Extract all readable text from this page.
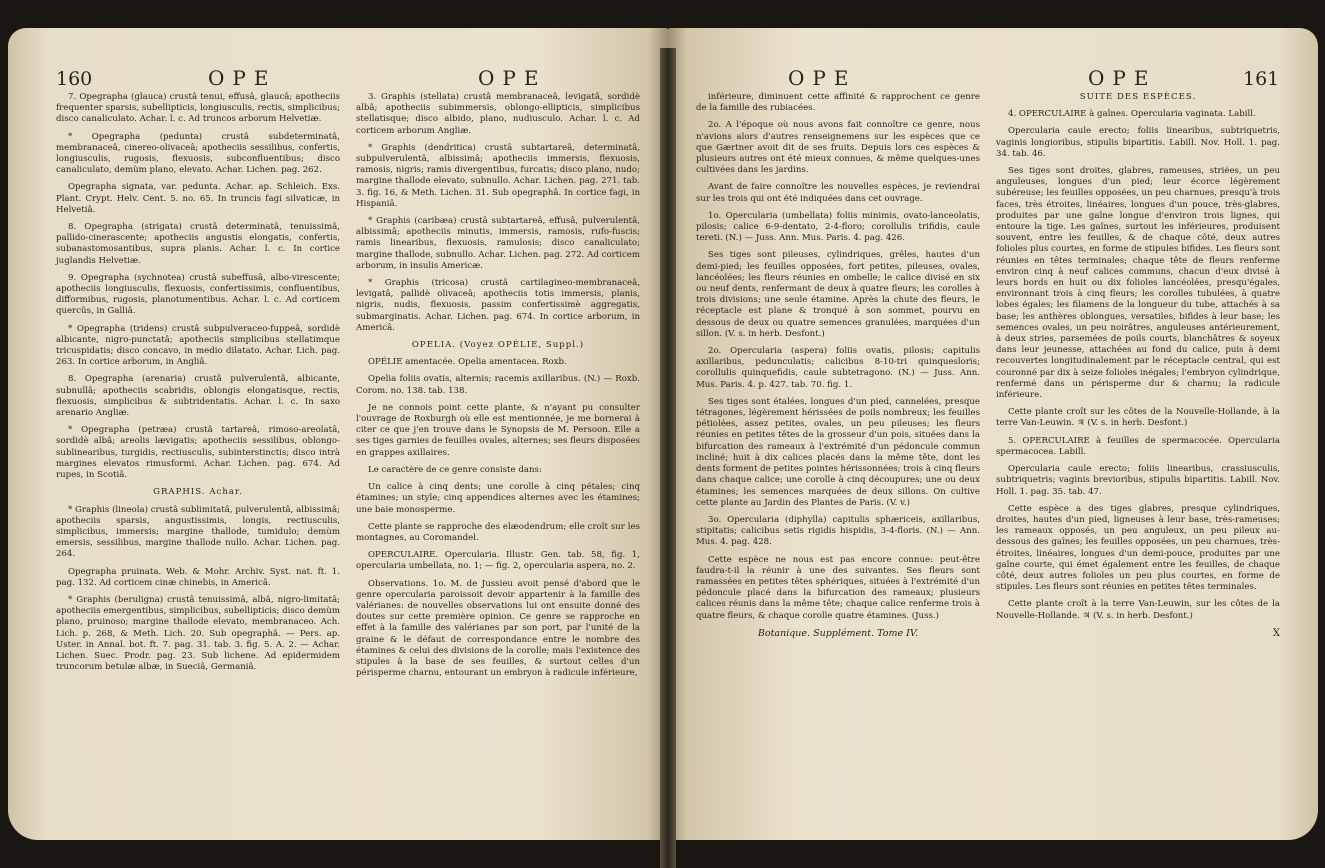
160	OPE	OPE

7. Opegrapha (glauca) crustâ tenui, effusâ, glaucâ; apotheciis frequenter sparsis, subellipticis, longiusculis, rectis, simplicibus; disco canaliculato. Achar. l. c. Ad truncos arborum Helvetiæ.

* Opegrapha (pedunta) crustâ subdeterminatâ, membranaceâ, cinereo-olivaceâ; apotheciis sessilibus, confertis, longiusculis, rugosis, flexuosis, subconfluentibus; disco canaliculato, demùm plano, elevato. Achar. Lichen. pag. 262.

Opegrapha signata, var. pedunta. Achar. ap. Schleich. Exs. Plant. Crypt. Helv. Cent. 5. no. 65. In truncis fagi silvaticæ, in Helvetiâ.

8. Opegrapha (strigata) crustâ determinatâ, tenuissimâ, pallido-cinerascente; apotheciis angustis elongatis, confertis, subanastomosantibus, supra planis. Achar. l. c. In cortice juglandis Helvetiæ.

9. Opegrapha (sychnotea) crustâ subeffusâ, albo-virescente; apotheciis longiusculis, flexuosis, confertissimis, confluentibus, difformibus, rugosis, planotumentibus. Achar. l. c. Ad corticem quercûs, in Galliâ.

* Opegrapha (tridens) crustâ subpulveraceo-fuppeâ, sordidè albicante, nigro-punctatâ; apotheciis simplicibus stellatimque tricuspidatis; disco concavo, in medio dilatato. Achar. Lich. pag. 263. In cortice arborum, in Angliâ.

8. Opegrapha (arenaria) crustâ pulverulentâ, albicante, subnullâ; apotheciis scabridis, oblongis elongatisque, rectis, flexuosis, simplicibus & subtridentatis. Achar. l. c. In saxo arenario Angliæ.

* Opegrapha (petræa) crustâ tartareâ, rimoso-areolatâ, sordidè albâ; areolis lævigatis; apotheciis sessilibus, oblongo-sublinearibus, turgidis, rectiusculis, subinterstinctis; disco intrà margines elevatos rimusformi. Achar. Lichen. pag. 674. Ad rupes, in Scotiâ.

GRAPHIS. Achar.

* Graphis (lineola) crustâ sublimitatâ, pulverulentâ, albissimâ; apotheciis sparsis, angustissimis, longis, rectiusculis, simplicibus, immersis; margine thallode, tumidulo; demùm emersis, sessilibus, margine thallode nullo. Achar. Lichen. pag. 264.

Opegrapha pruinata. Web. & Mohr. Archiv. Syst. nat. ft. 1. pag. 132. Ad corticem cinæ chinebis, in Americâ.

* Graphis (beruligna) crustâ tenuissimâ, albâ, nigro-limitatâ; apotheciis emergentibus, simplicibus, subellipticis; disco demùm plano, pruinoso; margine thallode elevato, membranaceo. Ach. Lich. p. 268, & Meth. Lich. 20. Sub opegraphâ. — Pers. ap. Uster. in Annal. bot. ft. 7. pag. 31. tab. 3. fig. 5. A. 2. — Achar. Lichen. Suec. Prodr. pag. 23. Sub lichene. Ad epidermidem truncorum betulæ albæ, in Sueciâ, Germaniâ.

3. Graphis (stellata) crustâ membranaceâ, levigatâ, sordidè albâ; apotheciis subimmersis, oblongo-ellipticis, simplicibus stellatisque; disco albido, plano, nudiusculo. Achar. l. c. Ad corticem arborum Angliæ.

* Graphis (dendritica) crustâ subtartareâ, determinatâ, subpulverulentâ, albissimâ; apotheciis immersis, flexuosis, ramosis, nigris; ramis divergentibus, furcatis; disco plano, nudo; margine thallode elevato, subnullo. Achar. Lichen. pag. 271. tab. 3. fig. 16, & Meth. Lichen. 31. Sub opegraphâ. In cortice fagi, in Hispaniâ.

* Graphis (caribæa) crustâ subtartareâ, effusâ, pulverulentâ, albissimâ; apotheciis minutis, immersis, ramosis, rufo-fuscis; ramis linearibus, flexuosis, ramulosis; disco canaliculato; margine thallode, subnullo. Achar. Lichen. pag. 272. Ad corticem arborum, in insulis Americæ.

* Graphis (tricosa) crustâ cartilagineo-membranaceâ, levigatâ, pallidè olivaceâ; apotheciis totis immersis, planis, nigris, nudis, flexuosis, passim confertissimè aggregatis, submarginatis. Achar. Lichen. pag. 674. In cortice arborum, in Americâ.

OPELIA. (Voyez OPÉLIE, Suppl.)

OPÉLIE amentacée. Opelia amentacea. Roxb.

Opelia foliis ovatis, alternis; racemis axillaribus. (N.) — Roxb. Corom. no. 138. tab. 138.

Je ne connois point cette plante, & n'ayant pu consulter l'ouvrage de Roxburgh où elle est mentionnée, je me bornerai à citer ce que j'en trouve dans le Synopsis de M. Persoon. Elle a ses tiges garnies de feuilles ovales, alternes; ses fleurs disposées en grappes axillaires.

Le caractère de ce genre consiste dans:

Un calice à cinq dents; une corolle à cinq pétales; cinq étamines; un style; cinq appendices alternes avec les étamines; une baie monosperme.

Cette plante se rapproche des elæodendrum; elle croît sur les montagnes, au Coromandel.

OPERCULAIRE. Opercularia. Illustr. Gen. tab. 58, fig. 1, opercularia umbellata, no. 1; — fig. 2, opercularia aspera, no. 2.

Observations. 1o. M. de Jussieu avoit pensé d'abord que le genre opercularia paroissoit devoir appartenir à la famille des valérianes: de nouvelles observations lui ont ensuite donné des doutes sur cette première opinion. Ce genre se rapproche en effet à la famille des valérianes par son port, par l'unité de la graine & le défaut de correspondance entre le nombre des étamines & celui des divisions de la corolle; mais l'existence des stipules à la base de ses feuilles, & surtout celles d'un périsperme charnu, entourant un embryon à radicule inférieure,

OPE	OPE	161

inférieure, diminuent cette affinité & rapprochent ce genre de la famille des rubiacées.

2o. A l'époque où nous avons fait connoître ce genre, nous n'avions alors d'autres renseignemens sur les espèces que ce que Gærtner avoit dit de ses fruits. Depuis lors ces espèces & plusieurs autres ont été mieux connues, & même quelques-unes cultivées dans les jardins.

Avant de faire connoître les nouvelles espèces, je reviendrai sur les trois qui ont été indiquées dans cet ouvrage.

1o. Opercularia (umbellata) foliis minimis, ovato-lanceolatis, pilosis; calice 6-9-dentato, 2-4-floro; corollulis trifidis, caule tereti. (N.) — Juss. Ann. Mus. Paris. 4. pag. 426.

Ses tiges sont pileuses, cylindriques, grêles, hautes d'un demi-pied; les feuilles opposées, fort petites, pileuses, ovales, lancéolées; les fleurs réunies en ombelle; le calice divisé en six ou neuf dents, renfermant de deux à quatre fleurs; les corolles à trois divisions; une seule étamine. Après la chute des fleurs, le réceptacle est plane & tronqué à son sommet, pourvu en dessous de deux ou quatre semences granulées, marquées d'un sillon. (V. s. in herb. Desfont.)

2o. Opercularia (aspera) foliis ovatis, pilosis; capitulis axillaribus, pedunculatis; calicibus 8-10-tri quinquesloris; corollulis quinquefidis, caule subtetragono. (N.) — Juss. Ann. Mus. Paris. 4. p. 427. tab. 70. fig. 1.

Ses tiges sont étalées, longues d'un pied, cannelées, presque tétragones, légèrement hérissées de poils nombreux; les feuilles pétiolées, assez petites, ovales, un peu pileuses; les fleurs réunies en petites têtes de la grosseur d'un pois, situées dans la bifurcation des rameaux à l'extrémité d'un pédoncule commun incliné; huit à dix calices placés dans la même tête, dont les dents forment de petites pointes hérissonnées; trois à cinq fleurs dans chaque calice; une corolle à cinq découpures; une ou deux étamines; les semences marquées de deux sillons. On cultive cette plante au Jardin des Plantes de Paris. (V. v.)

3o. Opercularia (diphylla) capitulis sphæriceis, axillaribus, stipitatis; calicibus setis rigidis hispidis, 3-4-floris. (N.) — Ann. Mus. 4. pag. 428.

Cette espèce ne nous est pas encore connue: peut-être faudra-t-il la réunir à une des suivantes. Ses fleurs sont ramassées en petites têtes sphériques, situées à l'extrémité d'un pédoncule placé dans la bifurcation des rameaux; plusieurs calices réunis dans la même tête; chaque calice renferme trois à quatre fleurs, & chaque corolle quatre étamines. (Juss.)

Botanique. Supplément. Tome IV.

SUITE DES ESPÈCES.

4. OPERCULAIRE à gaînes. Opercularia vaginata. Labill.

Opercularia caule erecto; foliis linearibus, subtriquetris, vaginis longioribus, stipulis bipartitis. Labill. Nov. Holl. 1. pag. 34. tab. 46.

Ses tiges sont droites, glabres, rameuses, striées, un peu anguleuses, longues d'un pied; leur écorce légèrement subéreuse; les feuilles opposées, un peu charnues, presqu'à trois faces, très étroites, linéaires, longues d'un pouce, très-glabres, produites par une gaîne longue d'environ trois lignes, qui entoure la tige. Les gaînes, surtout les inférieures, produisent souvent, entre les feuilles, & de chaque côté, deux autres folioles plus courtes, en forme de stipules bifides. Les fleurs sont réunies en têtes terminales; chaque tête de fleurs renferme environ cinq à neuf calices communs, chacun d'eux divisé à leurs bords en huit ou dix folioles lancéolées, presqu'égales, environnant trois à cinq fleurs; les corolles tubulées, à quatre lobes égales; les filamens de la longueur du tube, attachés à sa base; les anthères oblongues, versatiles, bifides à leur base; les semences ovales, un peu noirâtres, anguleuses antérieurement, à deux stries, parsemées de poils courts, blanchâtres & soyeux dans leur jeunesse, attachées au fond du calice, puis à demi recouvertes longitudinalement par le réceptacle central, qui est couronné par dix à seize folioles inégales; l'embryon cylindrique, renfermé dans un périsperme dur & charnu; la radicule inférieure.

Cette plante croît sur les côtes de la Nouvelle-Hollande, à la terre Van-Leuwin. ♃ (V. s. in herb. Desfont.)

5. OPERCULAIRE à feuilles de spermacocée. Opercularia spermacocea. Labill.

Opercularia caule erecto; foliis linearibus, crassiusculis, subtriquetris; vaginis brevioribus, stipulis bipartitis. Labill. Nov. Holl. 1. pag. 35. tab. 47.

Cette espèce a des tiges glabres, presque cylindriques, droites, hautes d'un pied, ligneuses à leur base, très-rameuses; les rameaux opposés, un peu anguleux, un peu pileux au-dessous des gaînes; les feuilles opposées, un peu charnues, très-étroites, linéaires, longues d'un demi-pouce, produites par une gaîne courte, qui émet également entre les feuilles, de chaque côté, deux autres folioles un peu plus courtes, en forme de stipules. Les fleurs sont réunies en petites têtes terminales.

Cette plante croît à la terre Van-Leuwin, sur les côtes de la Nouvelle-Hollande. ♃ (V. s. in herb. Desfont.)

X
